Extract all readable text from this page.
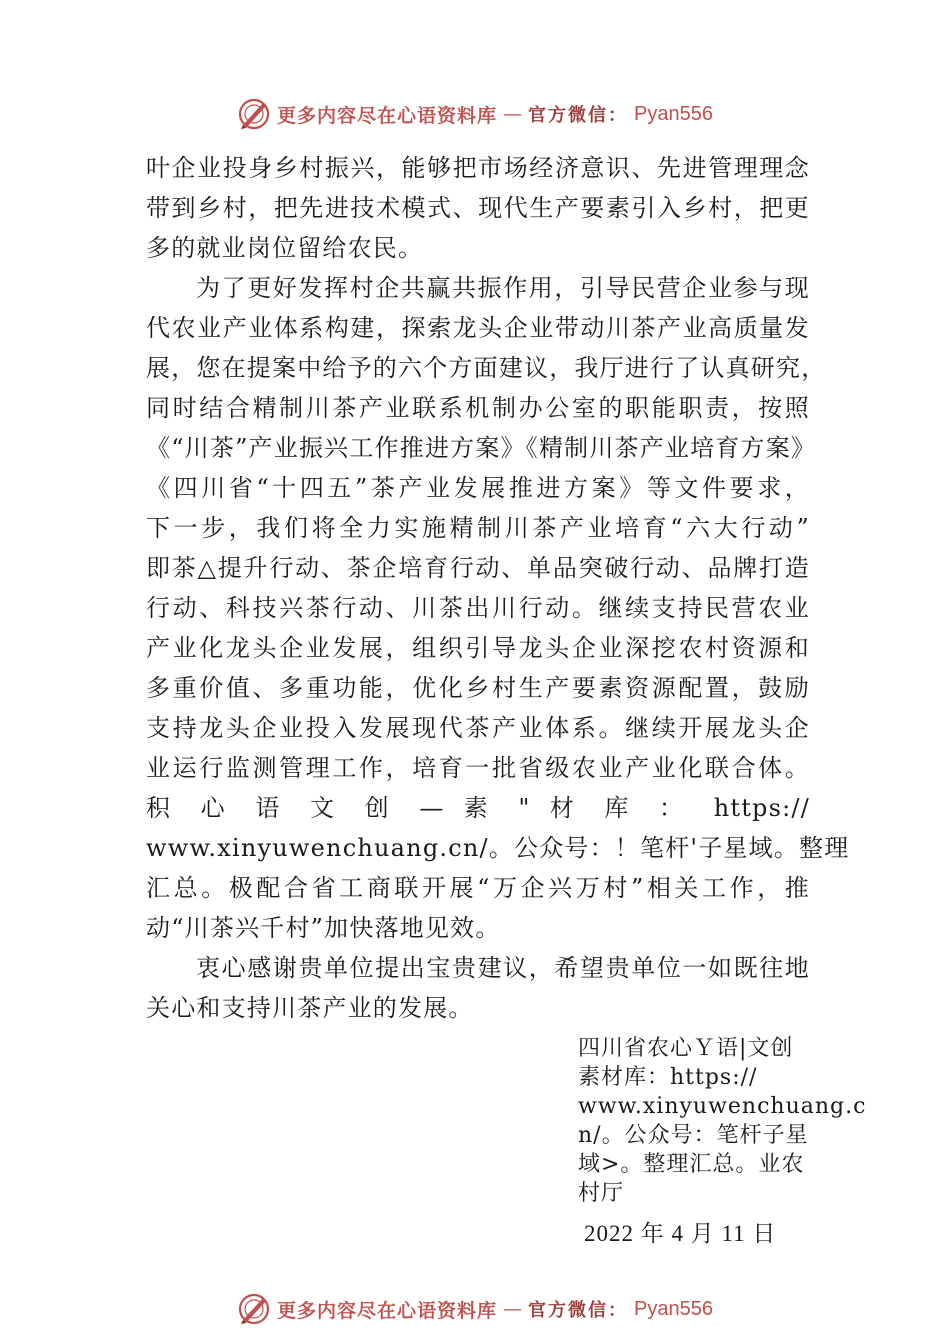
更多内容尽在心语资料库 — 官方微信： Pyan556
叶企业投身乡村振兴，能够把市场经济意识、先进管理理念
带到乡村，把先进技术模式、现代生产要素引入乡村，把更
多的就业岗位留给农民。
为了更好发挥村企共赢共振作用，引导民营企业参与现
代农业产业体系构建，探索龙头企业带动川茶产业高质量发
展，您在提案中给予的六个方面建议，我厅进行了认真研究，
同时结合精制川茶产业联系机制办公室的职能职责，按照
《“川茶”产业振兴工作推进方案》《精制川茶产业培育方案》
《四川省“十四五”茶产业发展推进方案》等文件要求，
下一步，我们将全力实施精制川茶产业培育“六大行动”
即茶△提升行动、茶企培育行动、单品突破行动、品牌打造
行动、科技兴茶行动、川茶出川行动。继续支持民营农业
产业化龙头企业发展，组织引导龙头企业深挖农村资源和
多重价值、多重功能，优化乡村生产要素资源配置，鼓励
支持龙头企业投入发展现代茶产业体系。继续开展龙头企
业运行监测管理工作，培育一批省级农业产业化联合体。
积 心 语 文 创 — 素 " 材 库 ： https://
www.xinyuwenchuang.cn/。公众号：！笔杆'子星域。整理
汇总。极配合省工商联开展“万企兴万村”相关工作，推
动“川茶兴千村”加快落地见效。
衷心感谢贵单位提出宝贵建议，希望贵单位一如既往地
关心和支持川茶产业的发展。
四川省农心Ｙ语|文创
素材库：https://
www.xinyuwenchuang.c
n/。公众号：笔杆子星
域>。整理汇总。业农
村厅
2022 年 4 月 11 日
更多内容尽在心语资料库 — 官方微信： Pyan556
